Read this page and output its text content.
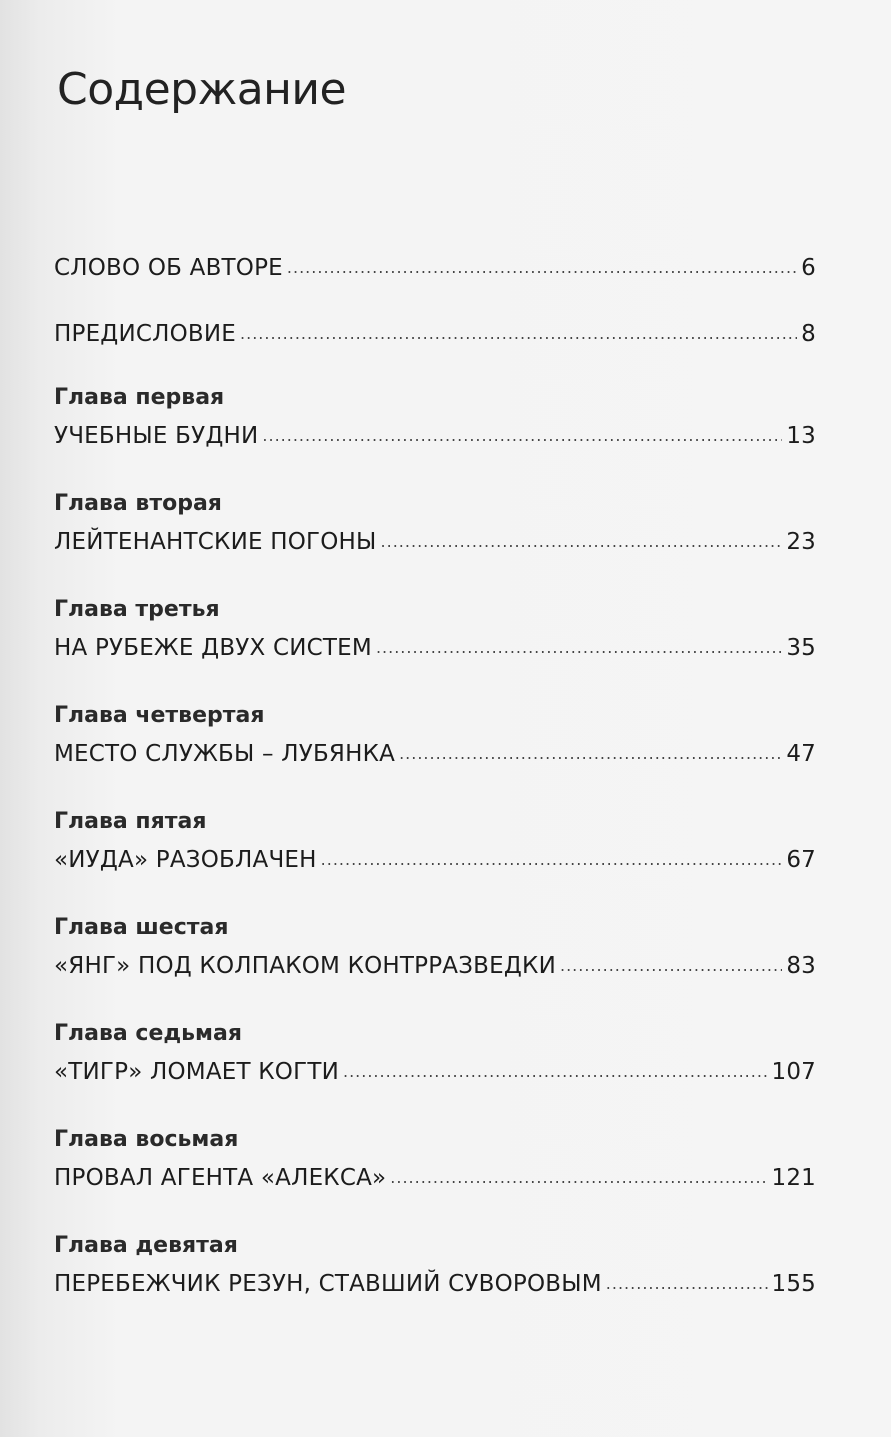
Содержание
СЛОВО ОБ АВТОРЕ .....	6
ПРЕДИСЛОВИЕ .....	8
Глава первая
УЧЕБНЫЕ БУДНИ .....	13
Глава вторая
ЛЕЙТЕНАНТСКИЕ ПОГОНЫ .....	23
Глава третья
НА РУБЕЖЕ ДВУХ СИСТЕМ .....	35
Глава четвертая
МЕСТО СЛУЖБЫ – ЛУБЯНКА .....	47
Глава пятая
«ИУДА» РАЗОБЛАЧЕН .....	67
Глава шестая
«ЯНГ» ПОД КОЛПАКОМ КОНТРРАЗВЕДКИ .....	83
Глава седьмая
«ТИГР» ЛОМАЕТ КОГТИ .....	107
Глава восьмая
ПРОВАЛ АГЕНТА «АЛЕКСА» .....	121
Глава девятая
ПЕРЕБЕЖЧИК РЕЗУН, СТАВШИЙ СУВОРОВЫМ .....	155
